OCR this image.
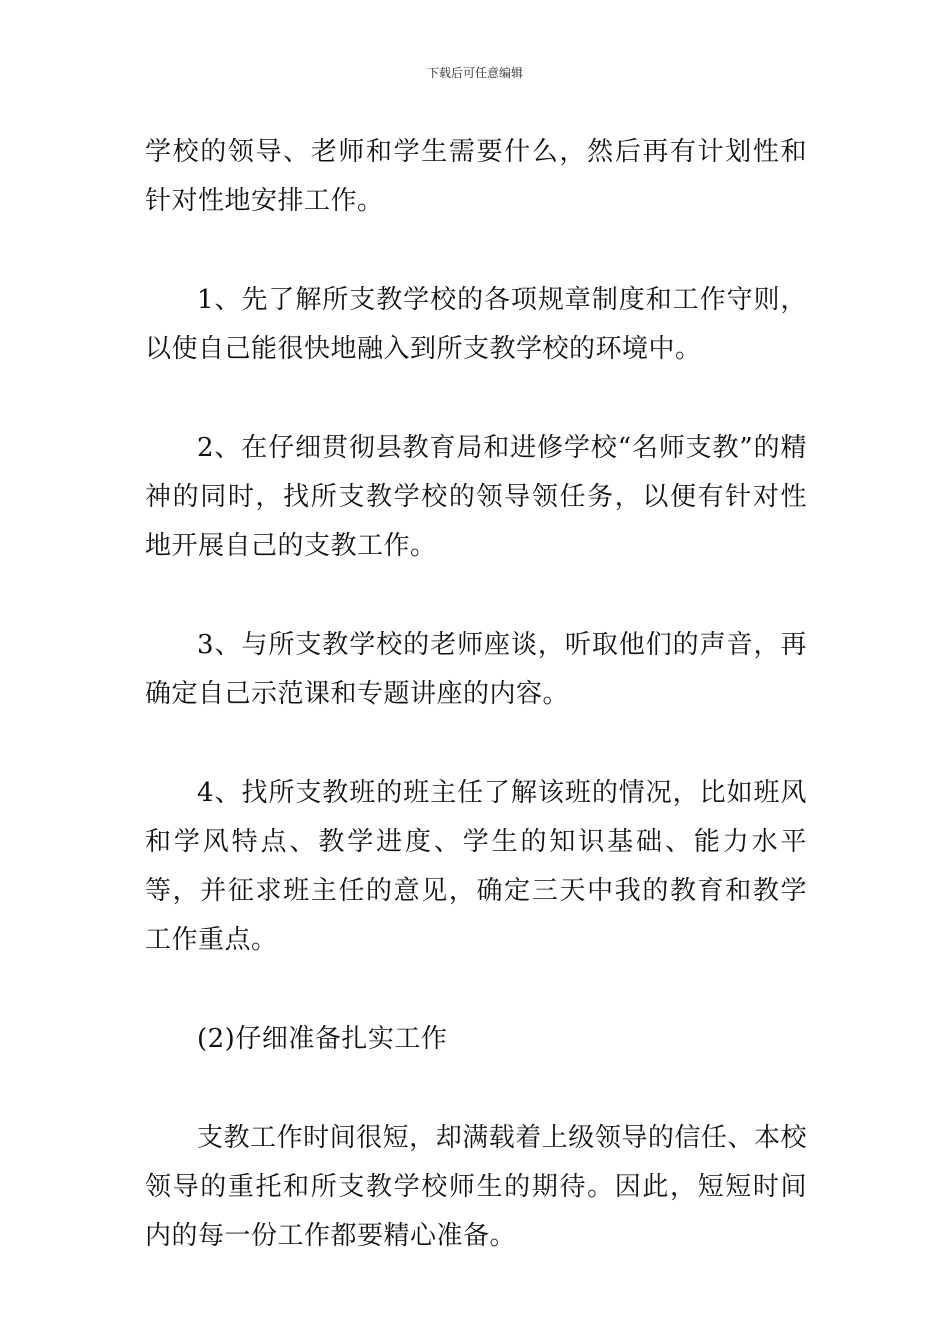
下载后可任意编辑

学校的领导、老师和学生需要什么，然后再有计划性和针对性地安排工作。

1、先了解所支教学校的各项规章制度和工作守则，以使自己能很快地融入到所支教学校的环境中。

2、在仔细贯彻县教育局和进修学校“名师支教”的精神的同时，找所支教学校的领导领任务，以便有针对性地开展自己的支教工作。

3、与所支教学校的老师座谈，听取他们的声音，再确定自己示范课和专题讲座的内容。

4、找所支教班的班主任了解该班的情况，比如班风和学风特点、教学进度、学生的知识基础、能力水平等，并征求班主任的意见，确定三天中我的教育和教学工作重点。

(2)仔细准备扎实工作

支教工作时间很短，却满载着上级领导的信任、本校领导的重托和所支教学校师生的期待。因此，短短时间内的每一份工作都要精心准备。
